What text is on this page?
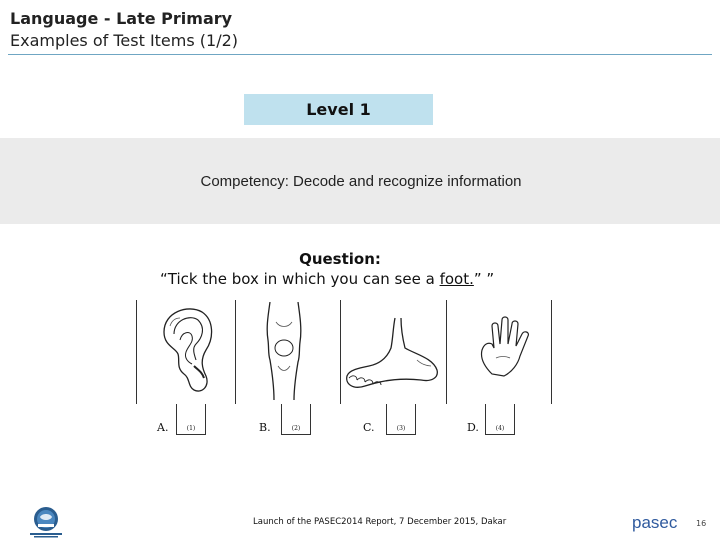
Language - Late Primary
Examples of Test Items (1/2)
Level 1
Competency: Decode and recognize information
Question:
“Tick the box in which you can see a foot.” ”
A.	(1)	B.	(2)	C.	(3)	D.	(4)
Launch of the PASEC2014 Report, 7 December 2015, Dakar	pasec 16
